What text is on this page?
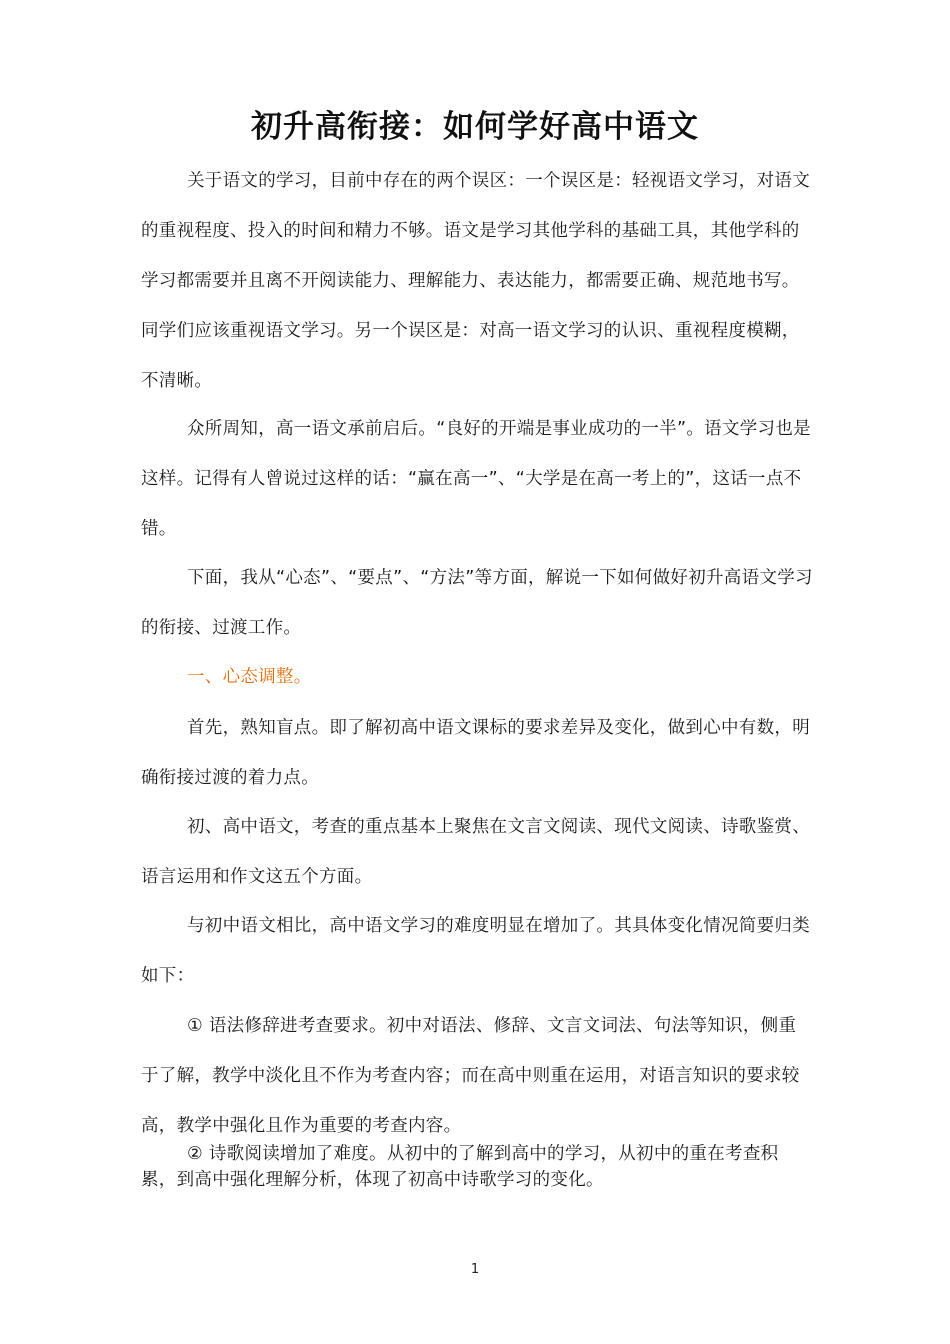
初升高衔接：如何学好高中语文

关于语文的学习，目前中存在的两个误区：一个误区是：轻视语文学习，对语文的重视程度、投入的时间和精力不够。语文是学习其他学科的基础工具，其他学科的学习都需要并且离不开阅读能力、理解能力、表达能力，都需要正确、规范地书写。同学们应该重视语文学习。另一个误区是：对高一语文学习的认识、重视程度模糊，不清晰。

众所周知，高一语文承前启后。“良好的开端是事业成功的一半”。语文学习也是这样。记得有人曾说过这样的话：“赢在高一”、“大学是在高一考上的”，这话一点不错。

下面，我从“心态”、“要点”、“方法”等方面，解说一下如何做好初升高语文学习的衔接、过渡工作。

一、心态调整。

首先，熟知盲点。即了解初高中语文课标的要求差异及变化，做到心中有数，明确衔接过渡的着力点。

初、高中语文，考查的重点基本上聚焦在文言文阅读、现代文阅读、诗歌鉴赏、语言运用和作文这五个方面。

与初中语文相比，高中语文学习的难度明显在增加了。其具体变化情况简要归类如下：

① 语法修辞进考查要求。初中对语法、修辞、文言文词法、句法等知识，侧重于了解，教学中淡化且不作为考查内容；而在高中则重在运用，对语言知识的要求较高，教学中强化且作为重要的考查内容。

② 诗歌阅读增加了难度。从初中的了解到高中的学习，从初中的重在考查积累，到高中强化理解分析，体现了初高中诗歌学习的变化。

1
